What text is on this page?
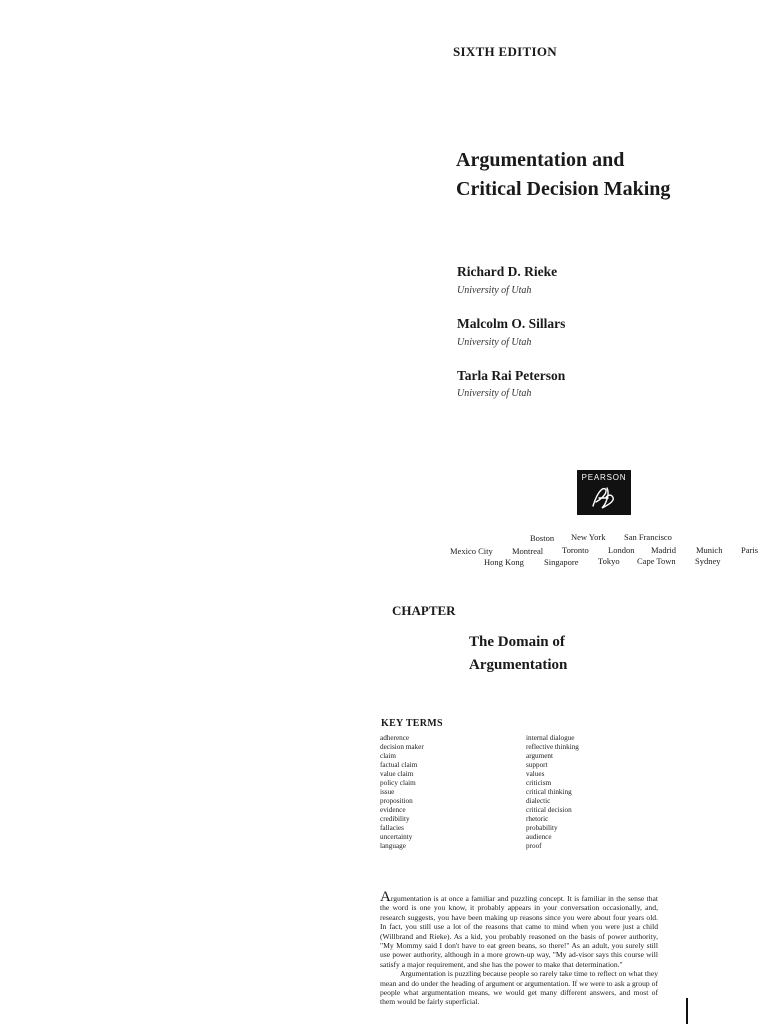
SIXTH EDITION
Argumentation and
Critical Decision Making
Richard D. Rieke
University of Utah
Malcolm O. Sillars
University of Utah
Tarla Rai Peterson
University of Utah
PEARSON
Boston New York San Francisco
Mexico City Montreal Toronto London Madrid Munich Paris
Hong Kong Singapore Tokyo Cape Town Sydney
CHAPTER
The Domain of
Argumentation
KEY TERMS
adherence
decision maker
claim
factual claim
value claim
policy claim
issue
proposition
evidence
credibility
fallacies
uncertainty
language
internal dialogue
reflective thinking
argument
support
values
criticism
critical thinking
dialectic
critical decision
rhetoric
probability
audience
proof

Argumentation is at once a familiar and puzzling concept. It is familiar in the sense that the word is one you know, it probably appears in your conversation occasionally, and, research suggests, you have been making up reasons since you were about four years old. In fact, you still use a lot of the reasons that came to mind when you were just a child (Willbrand and Rieke). As a kid, you probably reasoned on the basis of power authority, "My Mommy said I don't have to eat green beans, so there!" As an adult, you surely still use power authority, although in a more grown-up way, "My ad-visor says this course will satisfy a major requirement, and she has the power to make that determination."

Argumentation is puzzling because people so rarely take time to reflect on what they mean and do under the heading of argument or argumentation. If we were to ask a group of people what argumentation means, we would get many different answers, and most of them would be fairly superficial.
